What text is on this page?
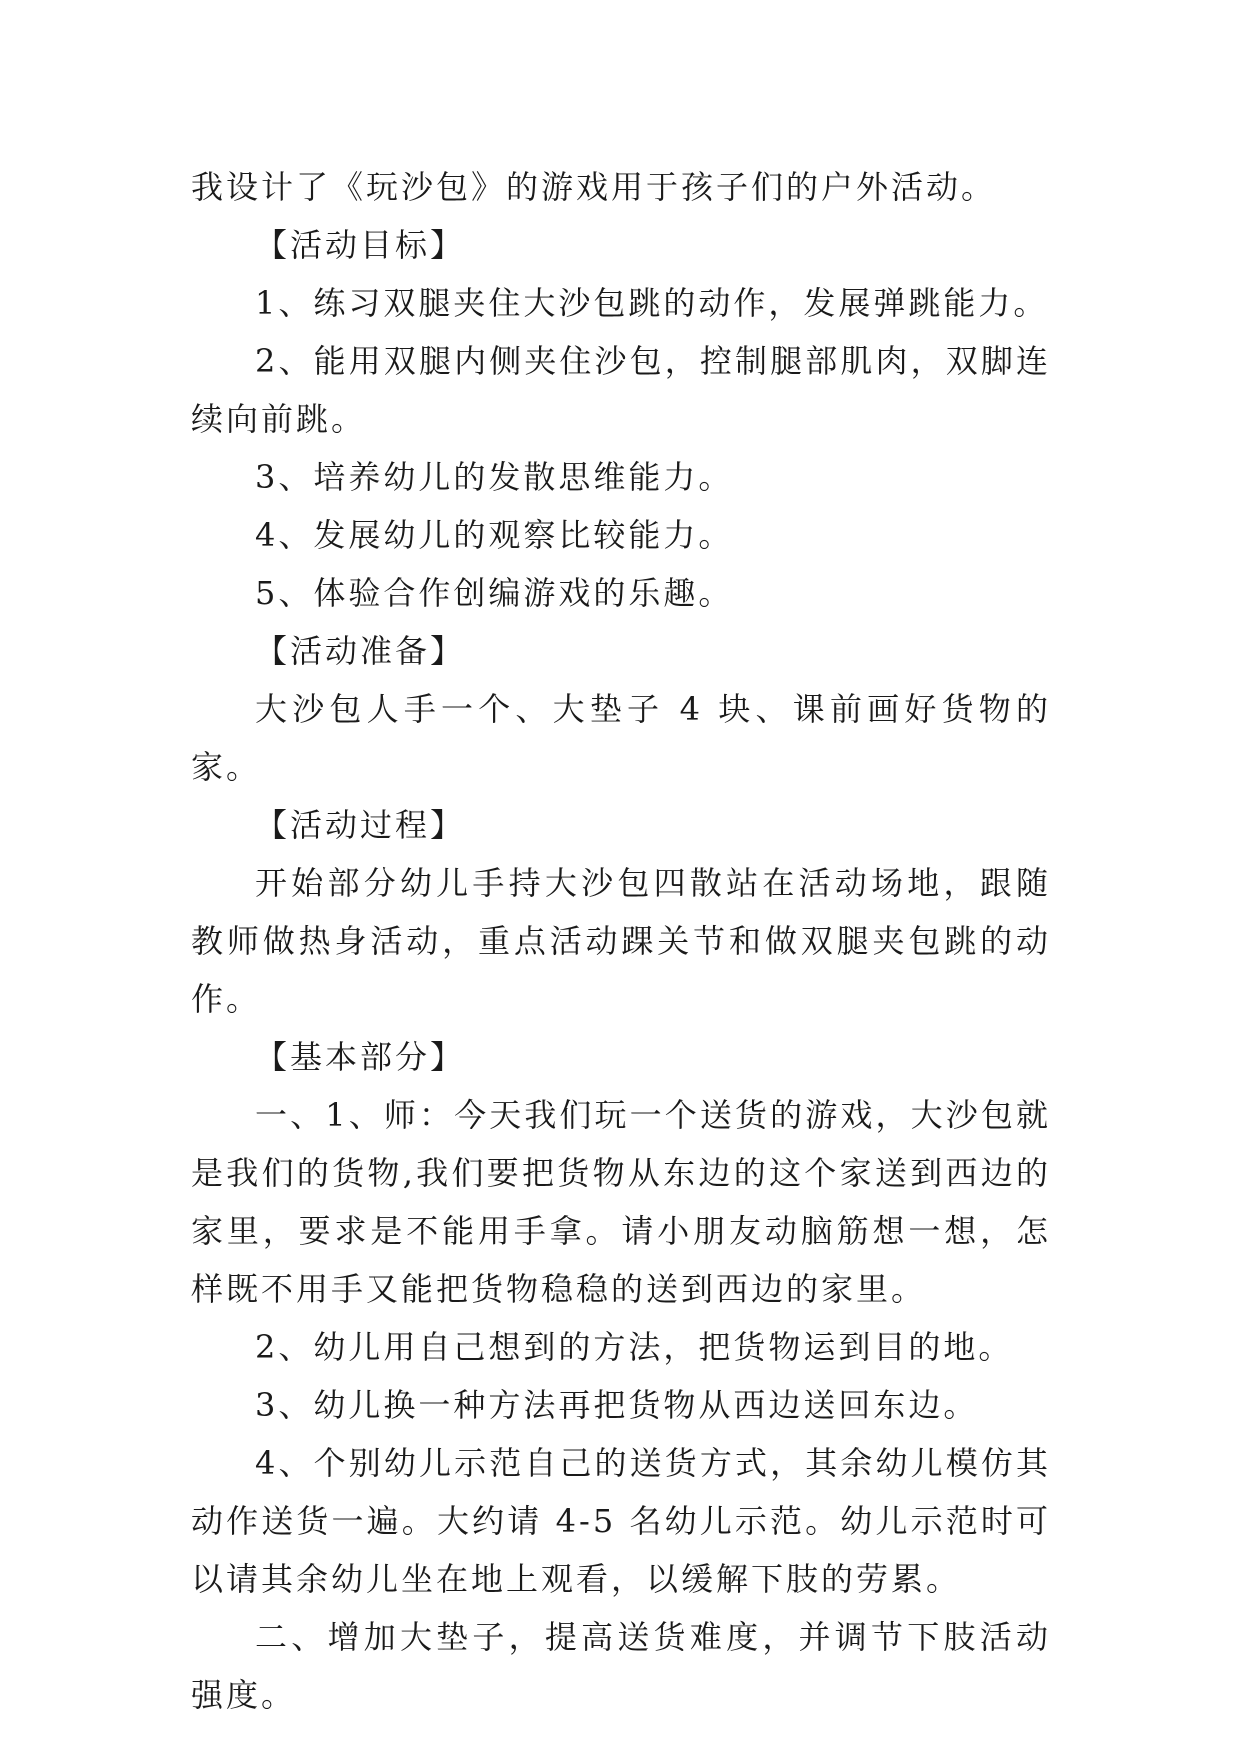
我设计了《玩沙包》的游戏用于孩子们的户外活动。

【活动目标】

1、练习双腿夹住大沙包跳的动作，发展弹跳能力。

2、能用双腿内侧夹住沙包，控制腿部肌肉，双脚连续向前跳。

3、培养幼儿的发散思维能力。

4、发展幼儿的观察比较能力。

5、体验合作创编游戏的乐趣。

【活动准备】

大沙包人手一个、大垫子 4 块、课前画好货物的家。

【活动过程】

开始部分幼儿手持大沙包四散站在活动场地，跟随教师做热身活动，重点活动踝关节和做双腿夹包跳的动作。

【基本部分】

一、1、师：今天我们玩一个送货的游戏，大沙包就是我们的货物,我们要把货物从东边的这个家送到西边的家里，要求是不能用手拿。请小朋友动脑筋想一想，怎样既不用手又能把货物稳稳的送到西边的家里。

2、幼儿用自己想到的方法，把货物运到目的地。

3、幼儿换一种方法再把货物从西边送回东边。

4、个别幼儿示范自己的送货方式，其余幼儿模仿其动作送货一遍。大约请 4-5 名幼儿示范。幼儿示范时可以请其余幼儿坐在地上观看，以缓解下肢的劳累。

二、增加大垫子，提高送货难度，并调节下肢活动强度。
